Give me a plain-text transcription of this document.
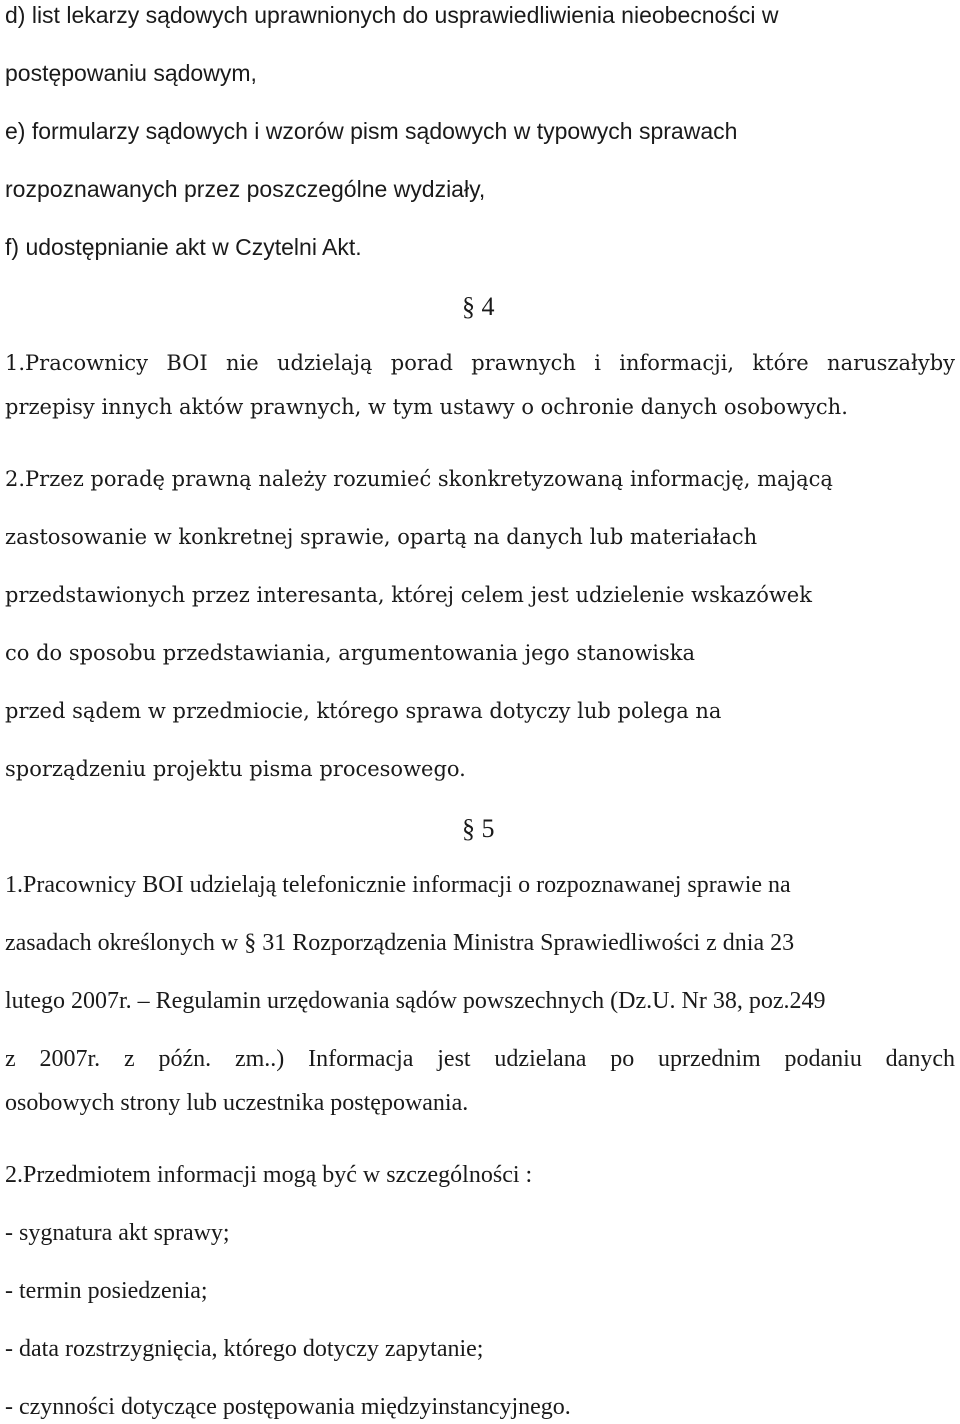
d) list lekarzy sądowych uprawnionych do usprawiedliwienia nieobecności w

postępowaniu sądowym,

e) formularzy sądowych i wzorów pism sądowych w typowych sprawach

rozpoznawanych przez poszczególne wydziały,

f) udostępnianie akt w Czytelni Akt.

§ 4

1.Pracownicy BOI nie udzielają porad prawnych i informacji, które naruszałyby

przepisy innych aktów prawnych, w tym ustawy o ochronie danych osobowych.

2.Przez poradę prawną należy rozumieć skonkretyzowaną informację, mającą

zastosowanie w konkretnej sprawie, opartą na danych lub materiałach

przedstawionych przez interesanta, której celem jest udzielenie wskazówek

co do sposobu przedstawiania, argumentowania jego stanowiska

przed sądem w przedmiocie, którego sprawa dotyczy lub polega na

sporządzeniu projektu pisma procesowego.

§ 5

1.Pracownicy BOI udzielają telefonicznie informacji o rozpoznawanej sprawie na

zasadach określonych w § 31 Rozporządzenia Ministra Sprawiedliwości z dnia 23

lutego 2007r. – Regulamin urzędowania sądów powszechnych (Dz.U. Nr 38, poz.249

z 2007r. z późn. zm..) Informacja jest udzielana po uprzednim podaniu danych

osobowych strony lub uczestnika postępowania.

2.Przedmiotem informacji mogą być w szczególności :

- sygnatura akt sprawy;

- termin posiedzenia;

- data rozstrzygnięcia, którego dotyczy zapytanie;

- czynności dotyczące postępowania międzyinstancyjnego.
